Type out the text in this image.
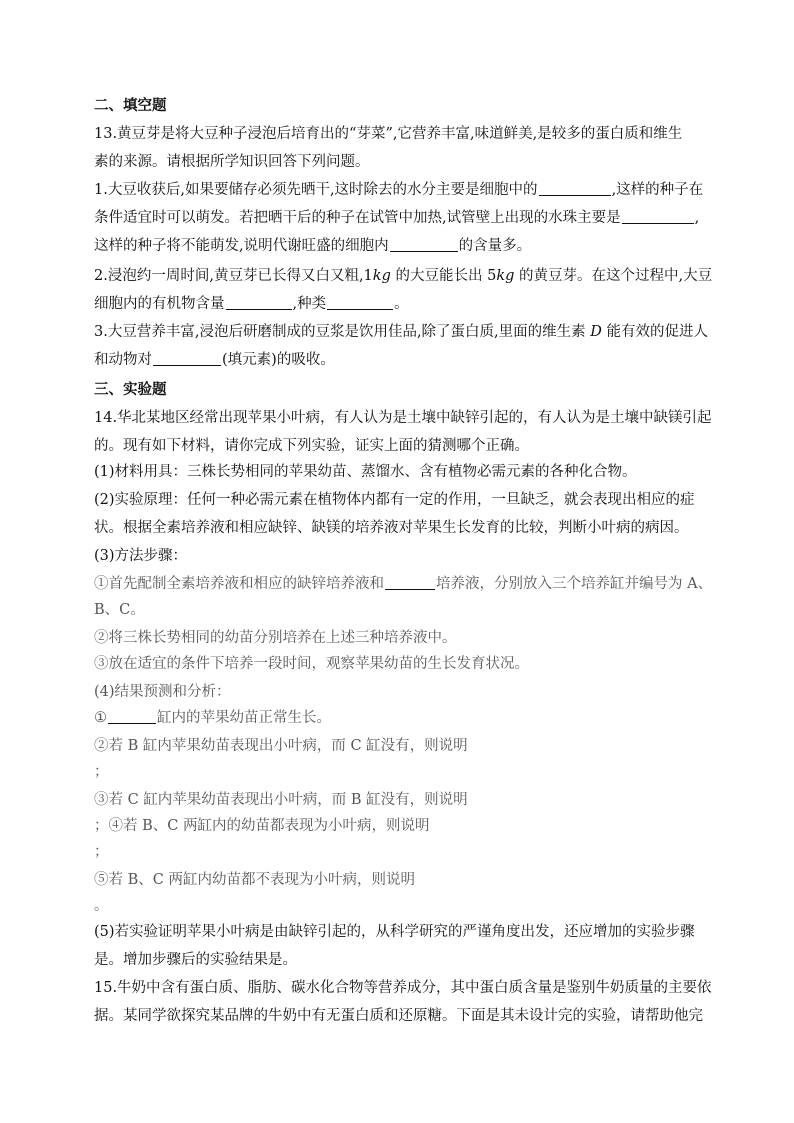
二、填空题
13.黄豆芽是将大豆种子浸泡后培育出的“芽菜”,它营养丰富,味道鲜美,是较多的蛋白质和维生
素的来源。请根据所学知识回答下列问题。
1.大豆收获后,如果要储存必须先晒干,这时除去的水分主要是细胞中的	,这样的种子在
条件适宜时可以萌发。若把晒干后的种子在试管中加热,试管壁上出现的水珠主要是	,
这样的种子将不能萌发,说明代谢旺盛的细胞内	的含量多。
2.浸泡约一周时间,黄豆芽已长得又白又粗,1kg 的大豆能长出 5kg 的黄豆芽。在这个过程中,大豆
细胞内的有机物含量	,种类	。
3.大豆营养丰富,浸泡后研磨制成的豆浆是饮用佳品,除了蛋白质,里面的维生素 D 能有效的促进人
和动物对	(填元素)的吸收。
三、实验题
14.华北某地区经常出现苹果小叶病，有人认为是土壤中缺锌引起的，有人认为是土壤中缺镁引起
的。现有如下材料，请你完成下列实验，证实上面的猜测哪个正确。
(1)材料用具：三株长势相同的苹果幼苗、蒸馏水、含有植物必需元素的各种化合物。
(2)实验原理：任何一种必需元素在植物体内都有一定的作用，一旦缺乏，就会表现出相应的症
状。根据全素培养液和相应缺锌、缺镁的培养液对苹果生长发育的比较，判断小叶病的病因。
(3)方法步骤：
①首先配制全素培养液和相应的缺锌培养液和	培养液，分别放入三个培养缸并编号为 A、
B、C。
②将三株长势相同的幼苗分别培养在上述三种培养液中。
③放在适宜的条件下培养一段时间，观察苹果幼苗的生长发育状况。
(4)结果预测和分析：
①	缸内的苹果幼苗正常生长。
②若 B 缸内苹果幼苗表现出小叶病，而 C 缸没有，则说明
；
③若 C 缸内苹果幼苗表现出小叶病，而 B 缸没有，则说明
；④若 B、C 两缸内的幼苗都表现为小叶病，则说明
；
⑤若 B、C 两缸内幼苗都不表现为小叶病，则说明
。
(5)若实验证明苹果小叶病是由缺锌引起的，从科学研究的严谨角度出发，还应增加的实验步骤
是。增加步骤后的实验结果是。
15.牛奶中含有蛋白质、脂肪、碳水化合物等营养成分，其中蛋白质含量是鉴别牛奶质量的主要依
据。某同学欲探究某品牌的牛奶中有无蛋白质和还原糖。下面是其未设计完的实验，请帮助他完
